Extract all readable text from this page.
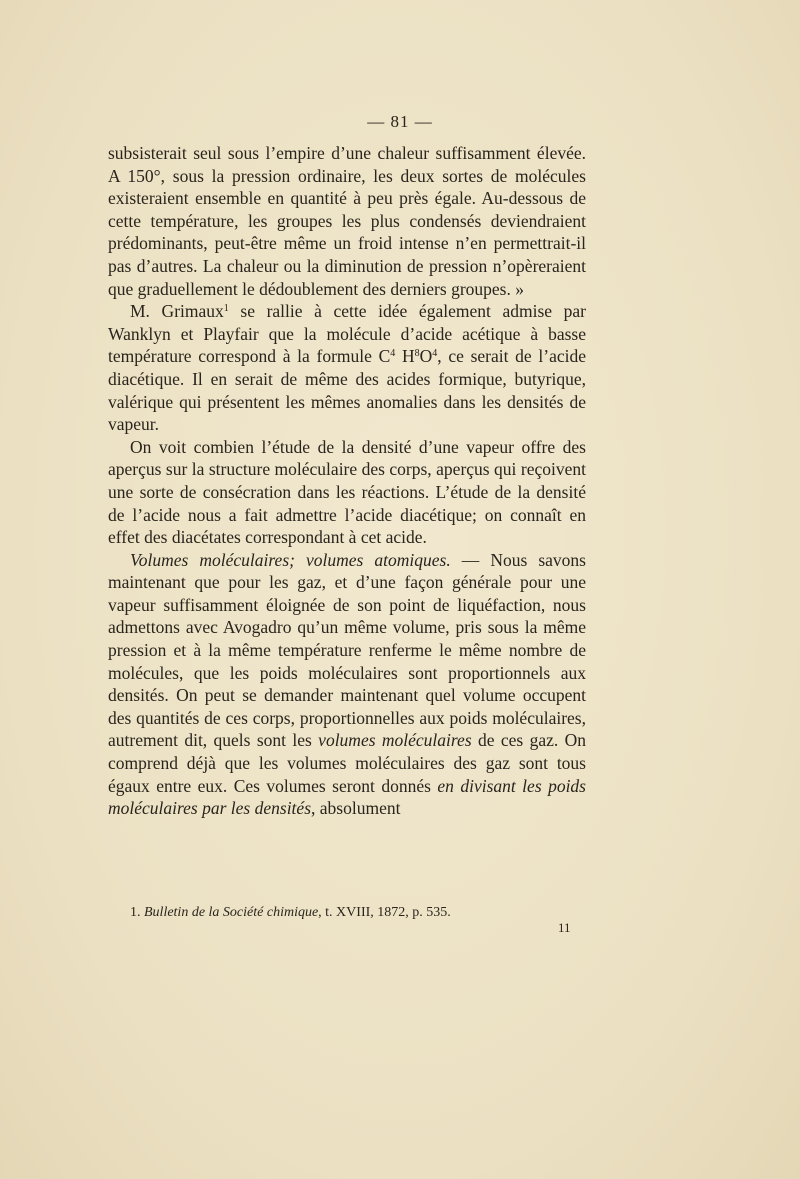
— 81 —

subsisterait seul sous l’empire d’une chaleur suffisamment élevée. A 150°, sous la pression ordinaire, les deux sortes de molécules existeraient ensemble en quantité à peu près égale. Au-dessous de cette température, les groupes les plus condensés deviendraient prédominants, peut-être même un froid intense n’en permettrait-il pas d’autres. La chaleur ou la diminution de pression n’opèreraient que graduellement le dédoublement des derniers groupes. »

M. Grimaux$^1$ se rallie à cette idée également admise par Wanklyn et Playfair que la molécule d’acide acétique à basse température correspond à la formule $C^4$ $H^8O^4$, ce serait de l’acide diacétique. Il en serait de même des acides formique, butyrique, valérique qui présentent les mêmes anomalies dans les densités de vapeur.

On voit combien l’étude de la densité d’une vapeur offre des aperçus sur la structure moléculaire des corps, aperçus qui reçoivent une sorte de consécration dans les réactions. L’étude de la densité de l’acide nous a fait admettre l’acide diacétique; on connaît en effet des diacétates correspondant à cet acide.

Volumes moléculaires; volumes atomiques. — Nous savons maintenant que pour les gaz, et d’une façon générale pour une vapeur suffisamment éloignée de son point de liquéfaction, nous admettons avec Avogadro qu’un même volume, pris sous la même pression et à la même température renferme le même nombre de molécules, que les poids moléculaires sont proportionnels aux densités. On peut se demander maintenant quel volume occupent des quantités de ces corps, proportionnelles aux poids moléculaires, autrement dit, quels sont les volumes moléculaires de ces gaz. On comprend déjà que les volumes moléculaires des gaz sont tous égaux entre eux. Ces volumes seront donnés en divisant les poids moléculaires par les densités, absolument

1. Bulletin de la Société chimique, t. XVIII, 1872, p. 535.
11
